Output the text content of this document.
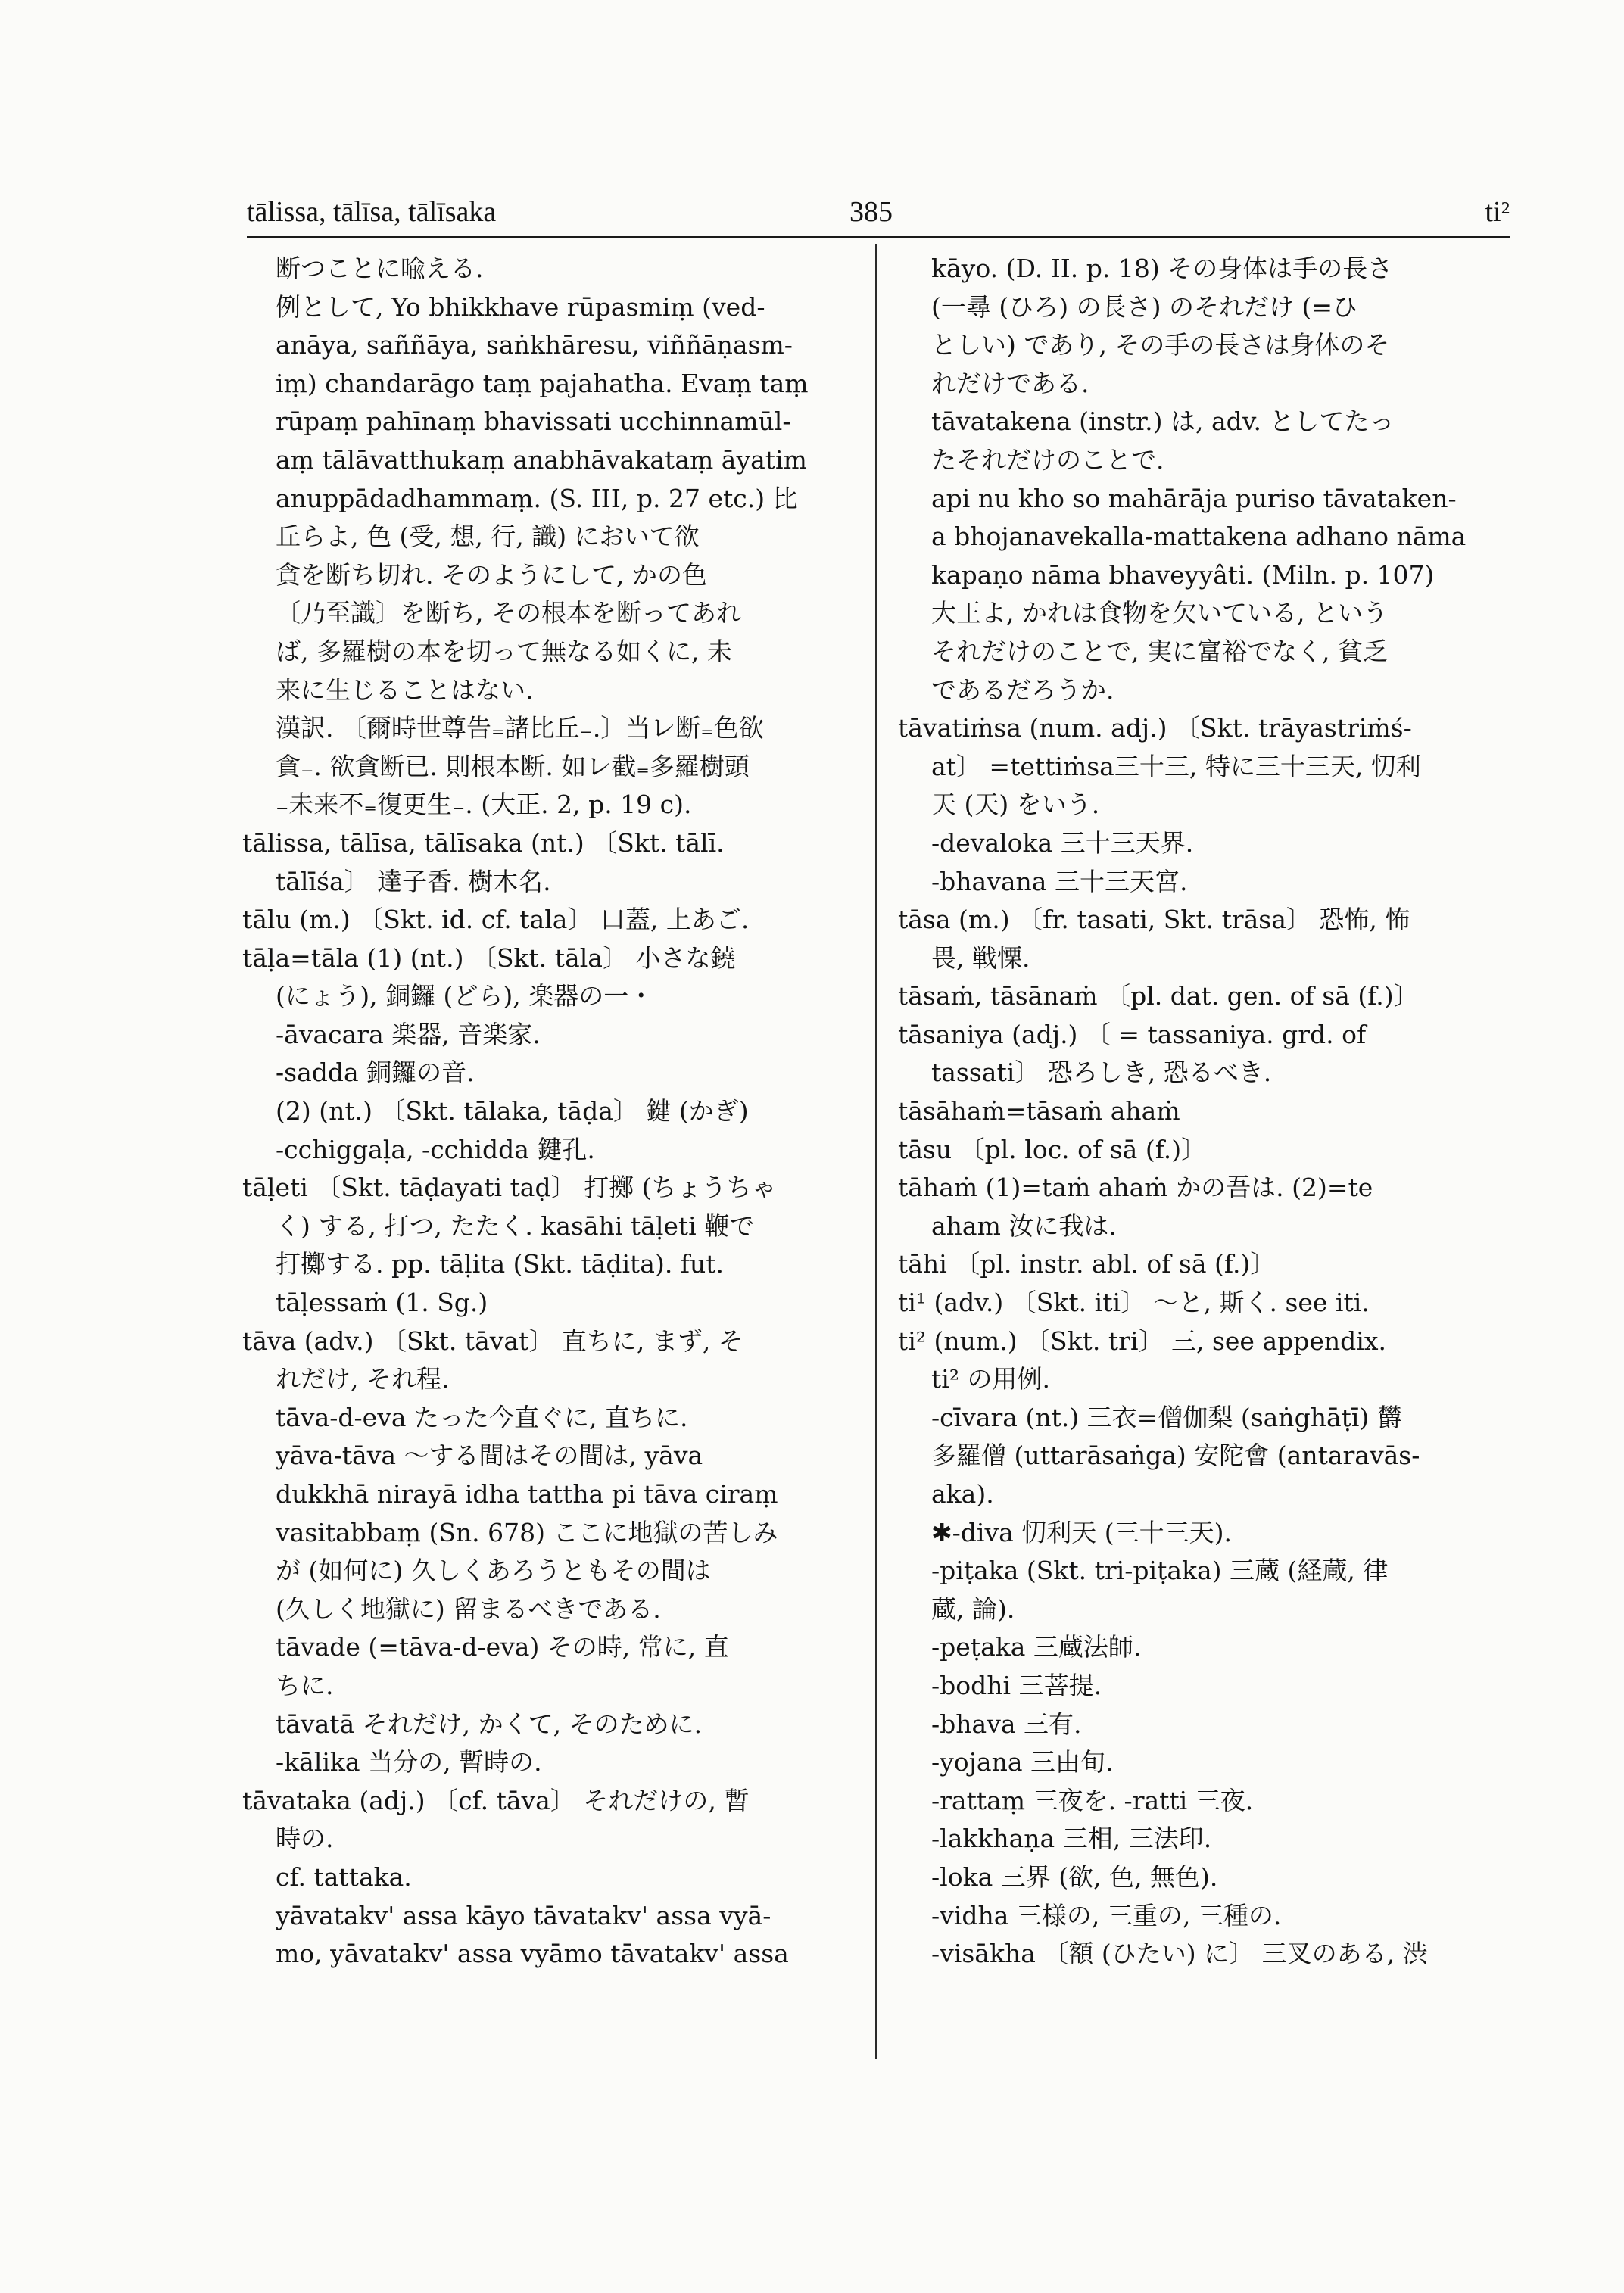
tālissa, tālīsa, tālīsaka	385	ti²
断つことに喩える.
例として, Yo bhikkhave rūpasmiṃ (ved-
anāya, saññāya, saṅkhāresu, viññāṇasm-
iṃ) chandarāgo taṃ pajahatha. Evaṃ taṃ
rūpaṃ pahīnaṃ bhavissati ucchinnamūl-
aṃ tālāvatthukaṃ anabhāvakataṃ āyatim
anuppādadhammaṃ. (S. III, p. 27 etc.) 比
丘らよ, 色 (受, 想, 行, 識) において欲
貪を断ち切れ. そのようにして, かの色
〔乃至識〕を断ち, その根本を断ってあれ
ば, 多羅樹の本を切って無なる如くに, 未
来に生じることはない.
漢訳. 〔爾時世尊告₌諸比丘₋.〕当レ断₌色欲
貪₋. 欲貪断已. 則根本断. 如レ截₌多羅樹頭
₋未来不₌復更生₋. (大正. 2, p. 19 c).
tālissa, tālīsa, tālīsaka (nt.) 〔Skt. tālī.
tālīśa〕 達子香. 樹木名.
tālu (m.) 〔Skt. id. cf. tala〕 口蓋, 上あご.
tāḷa=tāla (1) (nt.) 〔Skt. tāla〕 小さな鐃
(にょう), 銅鑼 (どら), 楽器の一・
-āvacara 楽器, 音楽家.
-sadda 銅鑼の音.
(2) (nt.) 〔Skt. tālaka, tāḍa〕 鍵 (かぎ)
-cchiggaḷa, -cchidda 鍵孔.
tāḷeti 〔Skt. tāḍayati taḍ〕 打擲 (ちょうちゃ
く) する, 打つ, たたく. kasāhi tāḷeti 鞭で
打擲する. pp. tāḷita (Skt. tāḍita). fut.
tāḷessaṁ (1. Sg.)
tāva (adv.) 〔Skt. tāvat〕 直ちに, まず, そ
れだけ, それ程.
tāva-d-eva たった今直ぐに, 直ちに.
yāva-tāva ～する間はその間は, yāva
dukkhā nirayā idha tattha pi tāva ciraṃ
vasitabbaṃ (Sn. 678) ここに地獄の苦しみ
が (如何に) 久しくあろうともその間は
(久しく地獄に) 留まるべきである.
tāvade (=tāva-d-eva) その時, 常に, 直
ちに.
tāvatā それだけ, かくて, そのために.
-kālika 当分の, 暫時の.
tāvataka (adj.) 〔cf. tāva〕 それだけの, 暫
時の.
cf. tattaka.
yāvatakv' assa kāyo tāvatakv' assa vyā-
mo, yāvatakv' assa vyāmo tāvatakv' assa
kāyo. (D. II. p. 18) その身体は手の長さ
(一尋 (ひろ) の長さ) のそれだけ (=ひ
としい) であり, その手の長さは身体のそ
れだけである.
tāvatakena (instr.) は, adv. としてたっ
たそれだけのことで.
api nu kho so mahārāja puriso tāvataken-
a bhojanavekalla-mattakena adhano nāma
kapaṇo nāma bhaveyyâti. (Miln. p. 107)
大王よ, かれは食物を欠いている, という
それだけのことで, 実に富裕でなく, 貧乏
であるだろうか.
tāvatiṁsa (num. adj.) 〔Skt. trāyastriṁś-
at〕 =tettiṁsa三十三, 特に三十三天, 忉利
天 (天) をいう.
-devaloka 三十三天界.
-bhavana 三十三天宮.
tāsa (m.) 〔fr. tasati, Skt. trāsa〕 恐怖, 怖
畏, 戦慄.
tāsaṁ, tāsānaṁ 〔pl. dat. gen. of sā (f.)〕
tāsaniya (adj.) 〔 = tassaniya. grd. of
tassati〕 恐ろしき, 恐るべき.
tāsāhaṁ=tāsaṁ ahaṁ
tāsu 〔pl. loc. of sā (f.)〕
tāhaṁ (1)=taṁ ahaṁ かの吾は. (2)=te
aham 汝に我は.
tāhi 〔pl. instr. abl. of sā (f.)〕
ti¹ (adv.) 〔Skt. iti〕 ～と, 斯く. see iti.
ti² (num.) 〔Skt. tri〕 三, see appendix.
ti² の用例.
-cīvara (nt.) 三衣=僧伽梨 (saṅghāṭī) 欝
多羅僧 (uttarāsaṅga) 安陀會 (antaravās-
aka).
✱-diva 忉利天 (三十三天).
-piṭaka (Skt. tri-piṭaka) 三蔵 (経蔵, 律
蔵, 論).
-peṭaka 三蔵法師.
-bodhi 三菩提.
-bhava 三有.
-yojana 三由旬.
-rattaṃ 三夜を. -ratti 三夜.
-lakkhaṇa 三相, 三法印.
-loka 三界 (欲, 色, 無色).
-vidha 三様の, 三重の, 三種の.
-visākha 〔額 (ひたい) に〕 三叉のある, 渋
